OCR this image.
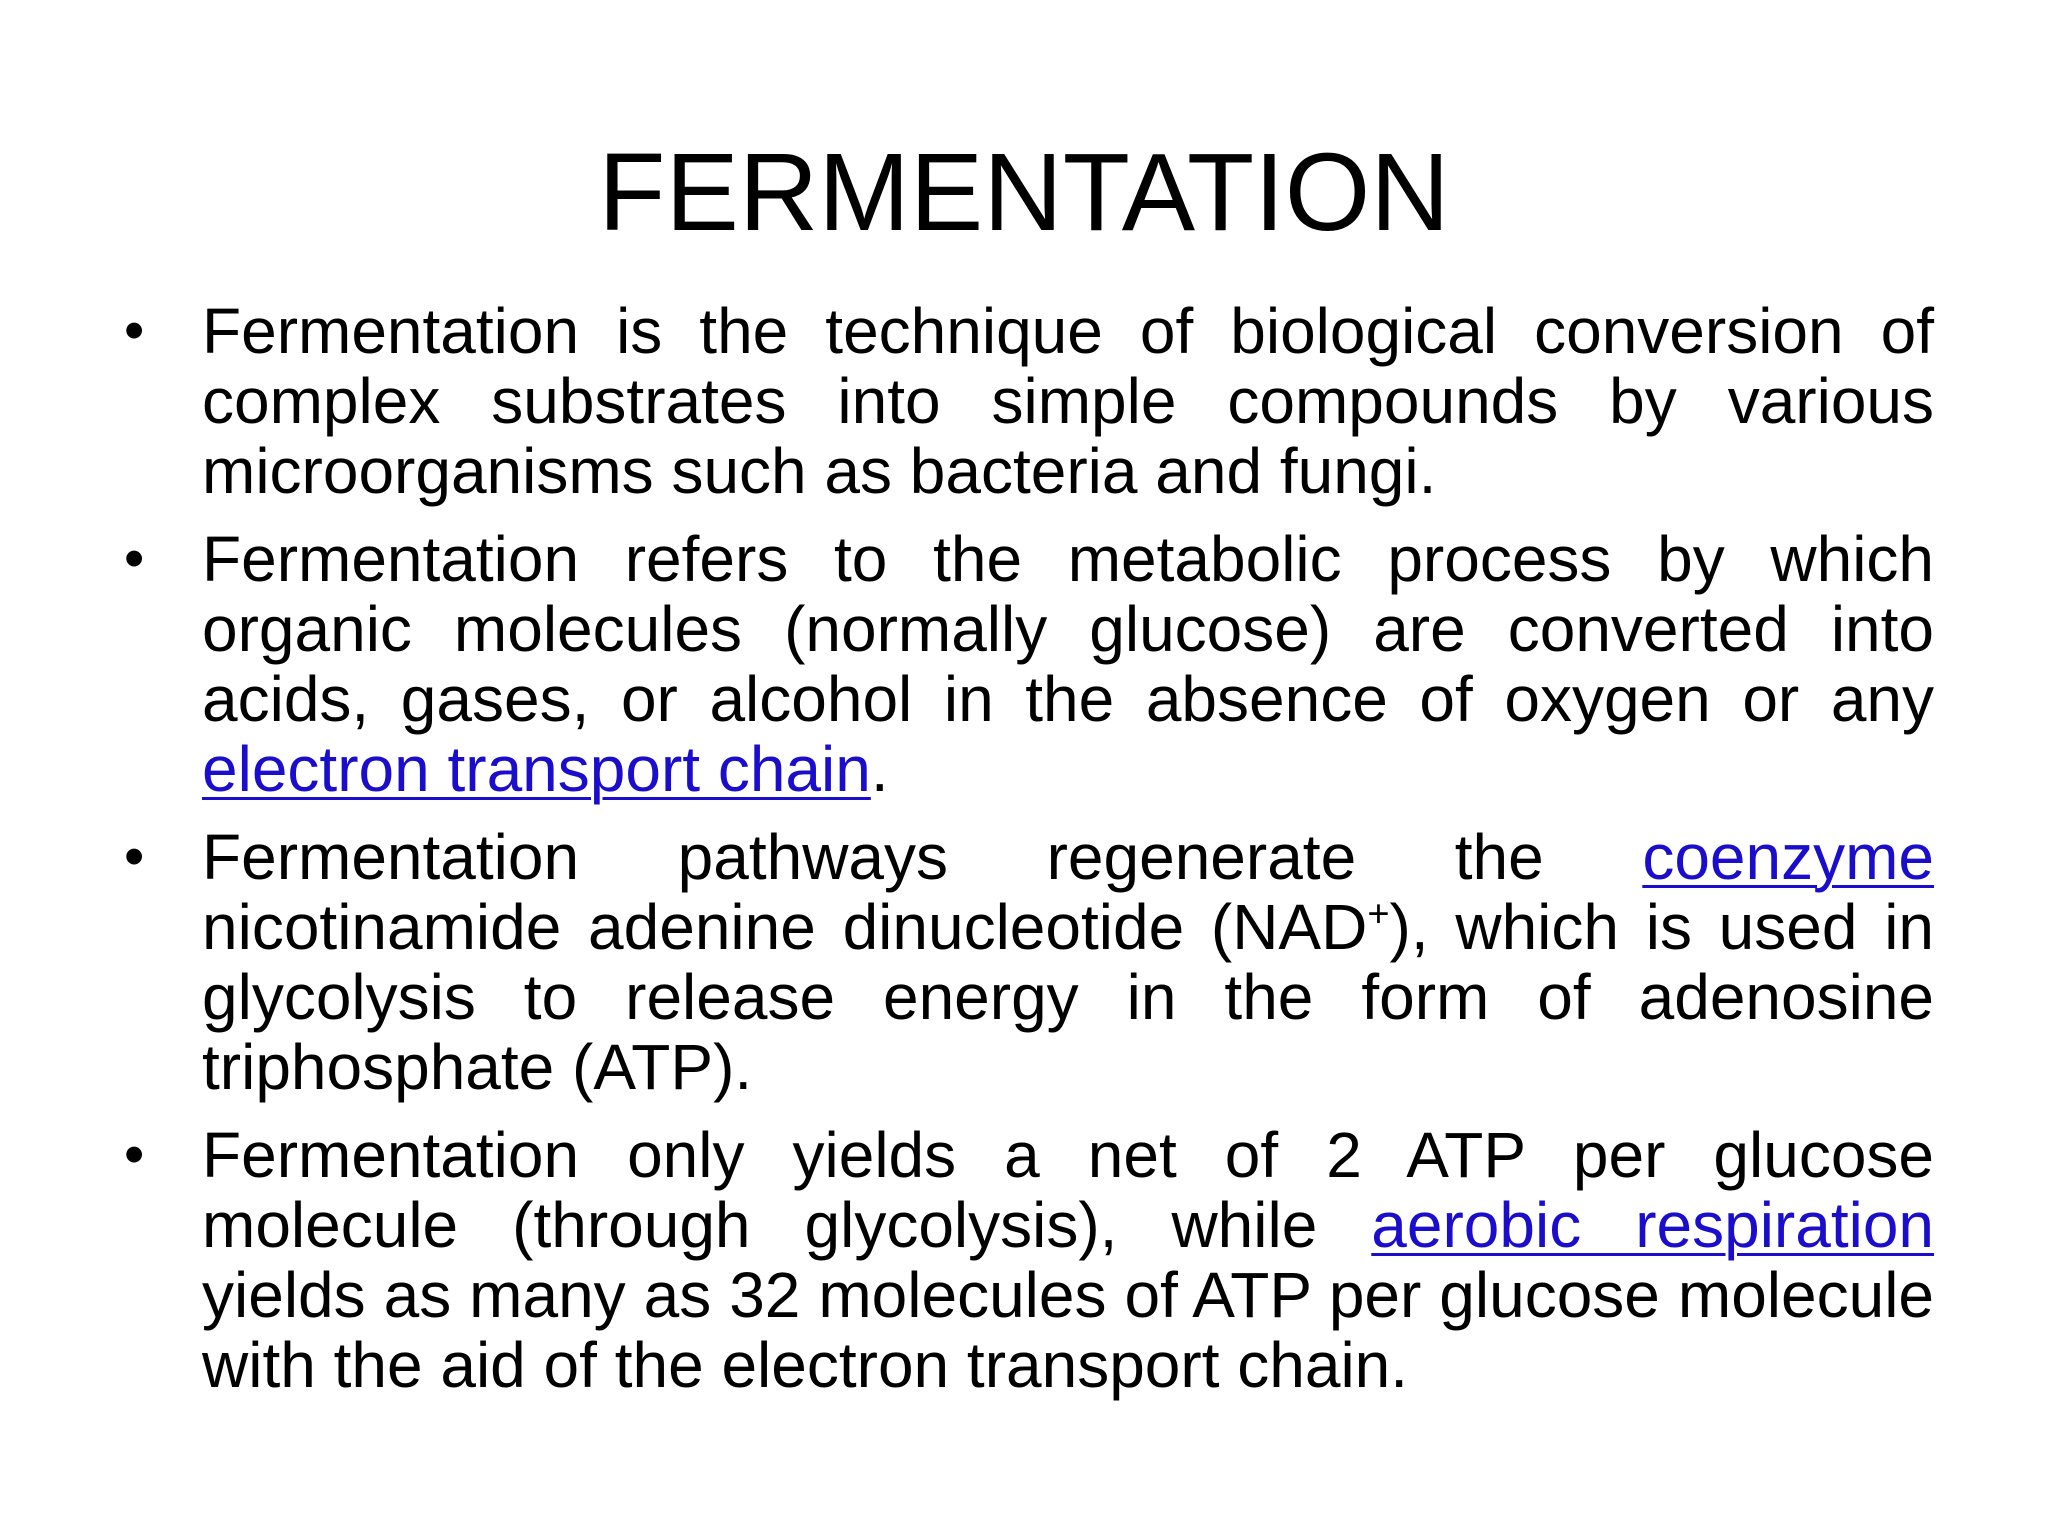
FERMENTATION
• Fermentation is the technique of biological conversion of complex substrates into simple compounds by various microorganisms such as bacteria and fungi.
• Fermentation refers to the metabolic process by which organic molecules (normally glucose) are converted into acids, gases, or alcohol in the absence of oxygen or any electron transport chain.
• Fermentation pathways regenerate the coenzyme nicotinamide adenine dinucleotide (NAD+), which is used in glycolysis to release energy in the form of adenosine triphosphate (ATP).
• Fermentation only yields a net of 2 ATP per glucose molecule (through glycolysis), while aerobic respiration yields as many as 32 molecules of ATP per glucose molecule with the aid of the electron transport chain.
